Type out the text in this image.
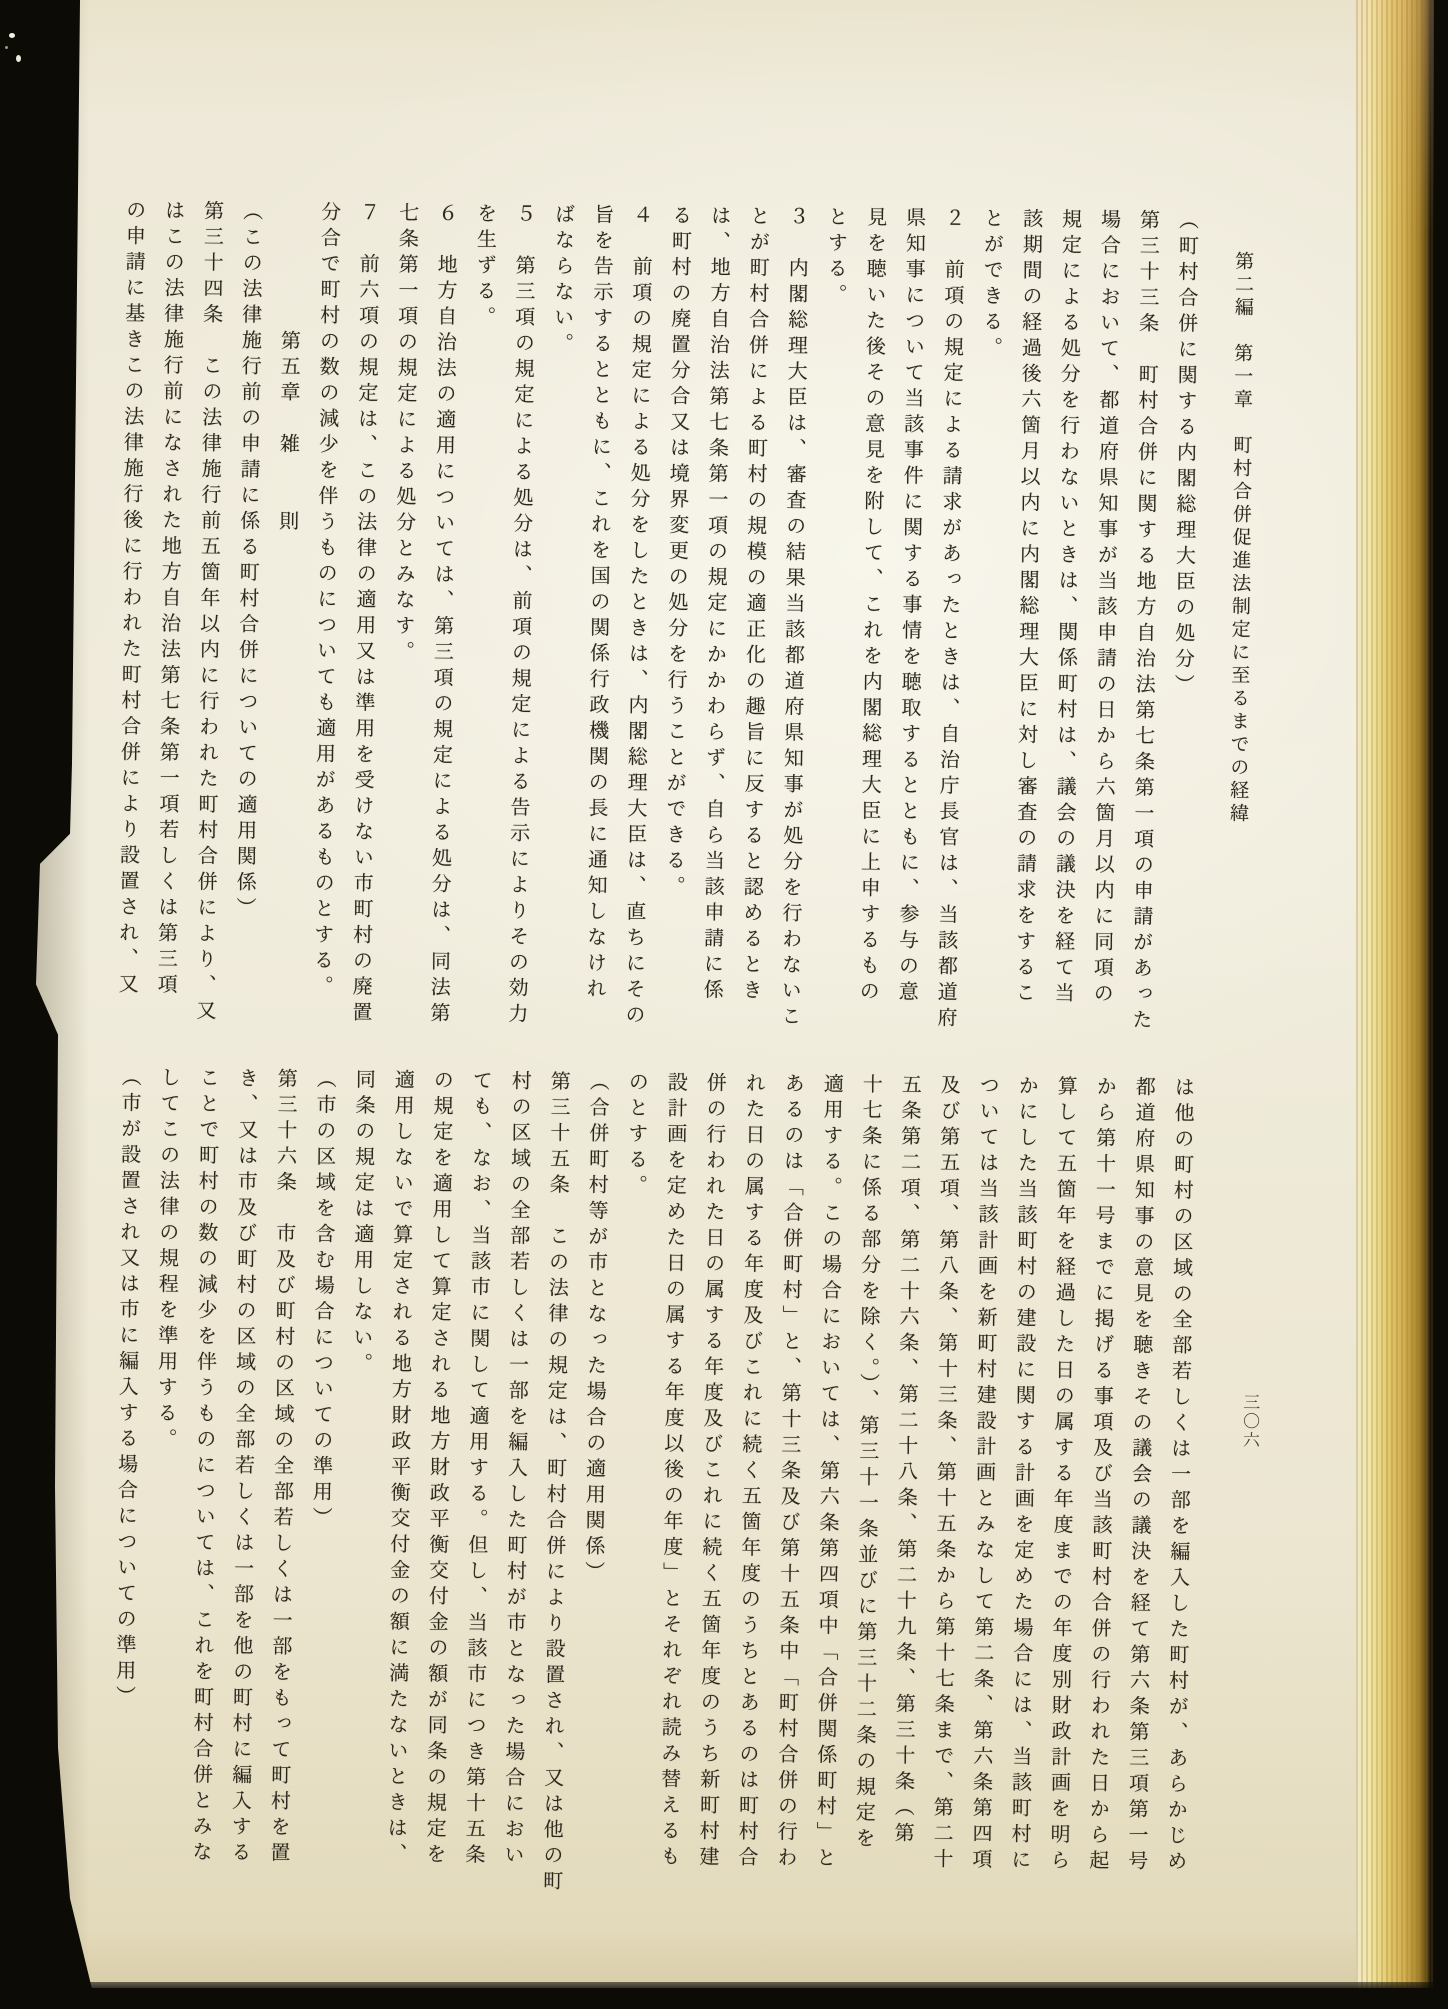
第二編　第一章　町村合併促進法制定に至るまでの経緯

（町村合併に関する内閣総理大臣の処分）

第三十三条　町村合併に関する地方自治法第七条第一項の申請があった

場合において、都道府県知事が当該申請の日から六箇月以内に同項の

規定による処分を行わないときは、関係町村は、議会の議決を経て当

該期間の経過後六箇月以内に内閣総理大臣に対し審査の請求をするこ

とができる。

２　前項の規定による請求があったときは、自治庁長官は、当該都道府

県知事について当該事件に関する事情を聴取するとともに、参与の意

見を聴いた後その意見を附して、これを内閣総理大臣に上申するもの

とする。

３　内閣総理大臣は、審査の結果当該都道府県知事が処分を行わないこ

とが町村合併による町村の規模の適正化の趣旨に反すると認めるとき

は、地方自治法第七条第一項の規定にかかわらず、自ら当該申請に係

る町村の廃置分合又は境界変更の処分を行うことができる。

４　前項の規定による処分をしたときは、内閣総理大臣は、直ちにその

旨を告示するとともに、これを国の関係行政機関の長に通知しなけれ

ばならない。

５　第三項の規定による処分は、前項の規定による告示によりその効力

を生ずる。

６　地方自治法の適用については、第三項の規定による処分は、同法第

七条第一項の規定による処分とみなす。

７　前六項の規定は、この法律の適用又は準用を受けない市町村の廃置

分合で町村の数の減少を伴うものについても適用があるものとする。

　　　　　第五章　雑　　則

（この法律施行前の申請に係る町村合併についての適用関係）

第三十四条　この法律施行前五箇年以内に行われた町村合併により、又

はこの法律施行前になされた地方自治法第七条第一項若しくは第三項

の申請に基きこの法律施行後に行われた町村合併により設置され、又

は他の町村の区域の全部若しくは一部を編入した町村が、あらかじめ

都道府県知事の意見を聴きその議会の議決を経て第六条第三項第一号

から第十一号までに掲げる事項及び当該町村合併の行われた日から起

算して五箇年を経過した日の属する年度までの年度別財政計画を明ら

かにした当該町村の建設に関する計画を定めた場合には、当該町村に

ついては当該計画を新町村建設計画とみなして第二条、第六条第四項

及び第五項、第八条、第十三条、第十五条から第十七条まで、第二十

五条第二項、第二十六条、第二十八条、第二十九条、第三十条（第

十七条に係る部分を除く。）、第三十一条並びに第三十二条の規定を

適用する。この場合においては、第六条第四項中「合併関係町村」と

あるのは「合併町村」と、第十三条及び第十五条中「町村合併の行わ

れた日の属する年度及びこれに続く五箇年度のうちとあるのは町村合

併の行われた日の属する年度及びこれに続く五箇年度のうち新町村建

設計画を定めた日の属する年度以後の年度」とそれぞれ読み替えるも

のとする。

（合併町村等が市となった場合の適用関係）

第三十五条　この法律の規定は、町村合併により設置され、又は他の町

村の区域の全部若しくは一部を編入した町村が市となった場合におい

ても、なお、当該市に関して適用する。但し、当該市につき第十五条

の規定を適用して算定される地方財政平衡交付金の額が同条の規定を

適用しないで算定される地方財政平衡交付金の額に満たないときは、

同条の規定は適用しない。

（市の区域を含む場合についての準用）

第三十六条　市及び町村の区域の全部若しくは一部をもって町村を置

き、又は市及び町村の区域の全部若しくは一部を他の町村に編入する

ことで町村の数の減少を伴うものについては、これを町村合併とみな

してこの法律の規程を準用する。

（市が設置され又は市に編入する場合についての準用）	三〇六
